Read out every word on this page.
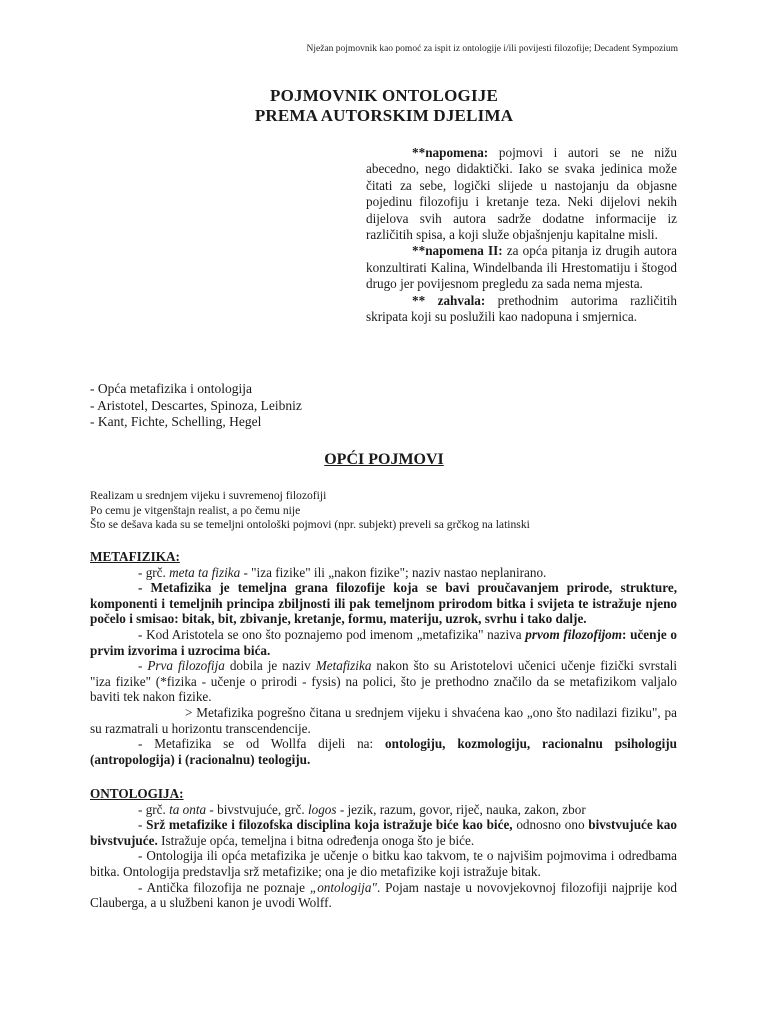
Nježan pojmovnik kao pomoć za ispit iz ontologije i/ili povijesti filozofije; Decadent Sympozium
POJMOVNIK ONTOLOGIJE
PREMA AUTORSKIM DJELIMA

**napomena: pojmovi i autori se ne nižu abecedno, nego didaktički. Iako se svaka jedinica može čitati za sebe, logički slijede u nastojanju da objasne pojedinu filozofiju i kretanje teza. Neki dijelovi nekih dijelova svih autora sadrže dodatne informacije iz različitih spisa, a koji služe objašnjenju kapitalne misli.

**napomena II: za opća pitanja iz drugih autora konzultirati Kalina, Windelbanda ili Hrestomatiju i štogod drugo jer povijesnom pregledu za sada nema mjesta.

** zahvala: prethodnim autorima različitih skripata koji su poslužili kao nadopuna i smjernica.

- Opća metafizika i ontologija
- Aristotel, Descartes, Spinoza, Leibniz
- Kant, Fichte, Schelling, Hegel
OPĆI POJMOVI
Realizam u srednjem vijeku i suvremenoj filozofiji
Po cemu je vitgenštajn realist, a po čemu nije
Što se dešava kada su se temeljni ontološki pojmovi (npr. subjekt) preveli sa grčkog na latinski
METAFIZIKA:

- grč. meta ta fizika - "iza fizike" ili „nakon fizike"; naziv nastao neplanirano.

- Metafizika je temeljna grana filozofije koja se bavi proučavanjem prirode, strukture, komponenti i temeljnih principa zbiljnosti ili pak temeljnom prirodom bitka i svijeta te istražuje njeno počelo i smisao: bitak, bit, zbivanje, kretanje, formu, materiju, uzrok, svrhu i tako dalje.

- Kod Aristotela se ono što poznajemo pod imenom „metafizika" naziva prvom filozofijom: učenje o prvim izvorima i uzrocima bića.

- Prva filozofija dobila je naziv Metafizika nakon što su Aristotelovi učenici učenje fizički svrstali "iza fizike" (*fizika - učenje o prirodi - fysis) na polici, što je prethodno značilo da se metafizikom valjalo baviti tek nakon fizike.

> Metafizika pogrešno čitana u srednjem vijeku i shvaćena kao „ono što nadilazi fiziku", pa su razmatrali u horizontu transcendencije.

- Metafizika se od Wollfa dijeli na: ontologiju, kozmologiju, racionalnu psihologiju (antropologija) i (racionalnu) teologiju.

ONTOLOGIJA:

- grč. ta onta - bivstvujuće, grč. logos - jezik, razum, govor, riječ, nauka, zakon, zbor

- Srž metafizike i filozofska disciplina koja istražuje biće kao biće, odnosno ono bivstvujuće kao bivstvujuće. Istražuje opća, temeljna i bitna određenja onoga što je biće.

- Ontologija ili opća metafizika je učenje o bitku kao takvom, te o najvišim pojmovima i odredbama bitka. Ontologija predstavlja srž metafizike; ona je dio metafizike koji istražuje bitak.

- Antička filozofija ne poznaje „ontologija". Pojam nastaje u novovjekovnoj filozofiji najprije kod Clauberga, a u službeni kanon je uvodi Wolff.
